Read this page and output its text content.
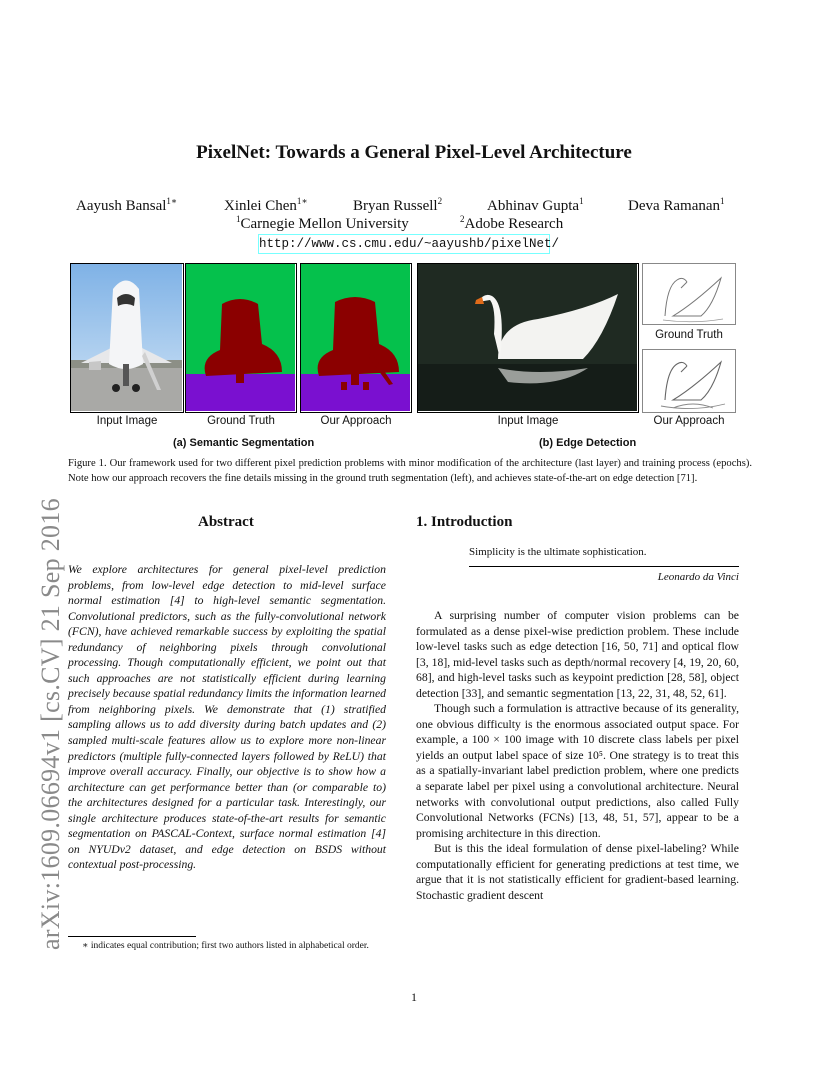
arXiv:1609.06694v1 [cs.CV] 21 Sep 2016
PixelNet: Towards a General Pixel-Level Architecture
Aayush Bansal$^{1∗}$	Xinlei Chen$^{1∗}$	Bryan Russell$^2$	Abhinav Gupta$^1$	Deva Ramanan$^1$
$^1$Carnegie Mellon University	$^2$Adobe Research
http://www.cs.cmu.edu/~aayushb/pixelNet/
Ground Truth
Input Image	Ground Truth	Our Approach	Input Image	Our Approach
(a) Semantic Segmentation	(b) Edge Detection
Figure 1. Our framework used for two different pixel prediction problems with minor modification of the architecture (last layer) and training process (epochs). Note how our approach recovers the fine details missing in the ground truth segmentation (left), and achieves state-of-the-art on edge detection [71].
Abstract
We explore architectures for general pixel-level prediction problems, from low-level edge detection to mid-level surface normal estimation [4] to high-level semantic segmentation. Convolutional predictors, such as the fully-convolutional network (FCN), have achieved remarkable success by exploiting the spatial redundancy of neighboring pixels through convolutional processing. Though computationally efficient, we point out that such approaches are not statistically efficient during learning precisely because spatial redundancy limits the information learned from neighboring pixels. We demonstrate that (1) stratified sampling allows us to add diversity during batch updates and (2) sampled multi-scale features allow us to explore more non-linear predictors (multiple fully-connected layers followed by ReLU) that improve overall accuracy. Finally, our objective is to show how a architecture can get performance better than (or comparable to) the architectures designed for a particular task. Interestingly, our single architecture produces state-of-the-art results for semantic segmentation on PASCAL-Context, surface normal estimation [4] on NYUDv2 dataset, and edge detection on BSDS without contextual post-processing.
1. Introduction
Simplicity is the ultimate sophistication.
Leonardo da Vinci

A surprising number of computer vision problems can be formulated as a dense pixel-wise prediction problem. These include low-level tasks such as edge detection [16, 50, 71] and optical flow [3, 18], mid-level tasks such as depth/normal recovery [4, 19, 20, 60, 68], and high-level tasks such as keypoint prediction [28, 58], object detection [33], and semantic segmentation [13, 22, 31, 48, 52, 61].

Though such a formulation is attractive because of its generality, one obvious difficulty is the enormous associated output space. For example, a 100 × 100 image with 10 discrete class labels per pixel yields an output label space of size 10⁵. One strategy is to treat this as a spatially-invariant label prediction problem, where one predicts a separate label per pixel using a convolutional architecture. Neural networks with convolutional output predictions, also called Fully Convolutional Networks (FCNs) [13, 48, 51, 57], appear to be a promising architecture in this direction.

But is this the ideal formulation of dense pixel-labeling? While computationally efficient for generating predictions at test time, we argue that it is not statistically efficient for gradient-based learning. Stochastic gradient descent

∗ indicates equal contribution; first two authors listed in alphabetical order.
1
